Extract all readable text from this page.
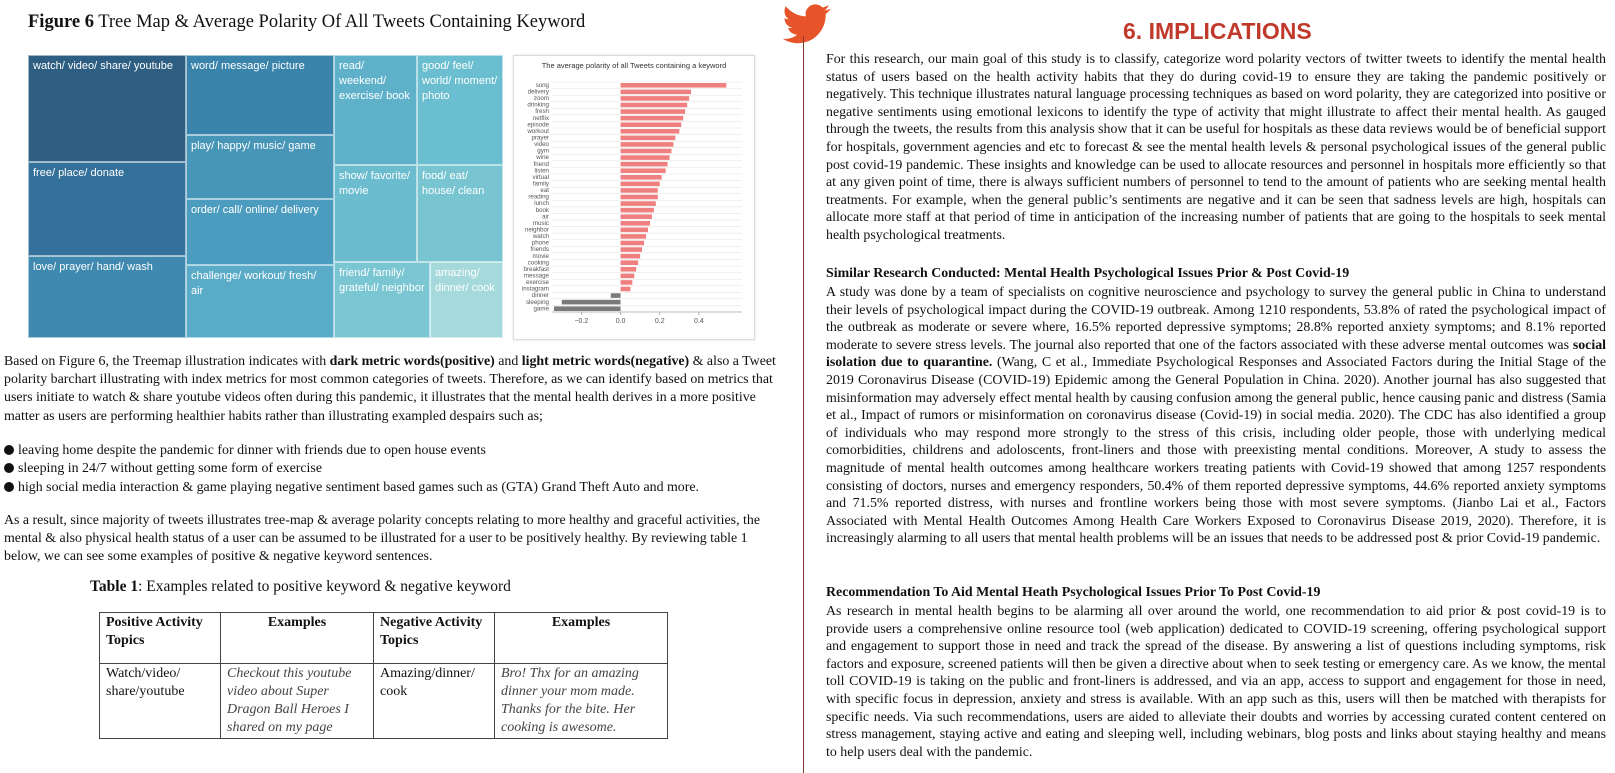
Figure 6 Tree Map & Average Polarity Of All Tweets Containing Keyword
watch/ video/ share/ youtube
free/ place/ donate
love/ prayer/ hand/ wash
word/ message/ picture
play/ happy/ music/ game
order/ call/ online/ delivery
challenge/ workout/ fresh/ air
read/ weekend/ exercise/ book
show/ favorite/ movie
friend/ family/ grateful/ neighbor
good/ feel/ world/ moment/ photo
food/ eat/ house/ clean
amazing/ dinner/ cook
The average polarity of all Tweets containing a keyword
song
delivery
zoom
drinking
fresh
netflix
episode
workout
prayer
video
gym
wine
friend
listen
virtual
family
eat
reading
lunch
book
air
music
neighbor
watch
phone
friends
movie
cooking
breakfast
message
exercise
instagram
dinner
sleeping
game
−0.2	0.0	0.2	0.4
Based on Figure 6, the Treemap illustration indicates with dark metric words(positive) and light metric words(negative) & also a Tweet polarity barchart illustrating with index metrics for most common categories of tweets. Therefore, as we can identify based on metrics that users initiate to watch & share youtube videos often during this pandemic, it illustrates that the mental health derives in a more positive matter as users are performing healthier habits rather than illustrating exampled despairs such as;
leaving home despite the pandemic for dinner with friends due to open house events
sleeping in 24/7 without getting some form of exercise
high social media interaction & game playing negative sentiment based games such as (GTA) Grand Theft Auto and more.
As a result, since majority of tweets illustrates tree-map & average polarity concepts relating to more healthy and graceful activities, the mental & also physical health status of a user can be assumed to be illustrated for a user to be positively healthy. By reviewing table 1 below, we can see some examples of positive & negative keyword sentences.
Table 1: Examples related to positive keyword & negative keyword
Positive Activity Topics	Examples	Negative Activity Topics	Examples
Watch/video/ share/youtube	Checkout this youtube video about Super Dragon Ball Heroes I shared on my page	Amazing/dinner/ cook	Bro! Thx for an amazing dinner your mom made. Thanks for the bite. Her cooking is awesome.
6. IMPLICATIONS
For this research, our main goal of this study is to classify, categorize word polarity vectors of twitter tweets to identify the mental health status of users based on the health activity habits that they do during covid-19 to ensure they are taking the pandemic positively or negatively. This technique illustrates natural language processing techniques as based on word polarity, they are categorized into positive or negative sentiments using emotional lexicons to identify the type of activity that might illustrate to affect their mental health. As gauged through the tweets, the results from this analysis show that it can be useful for hospitals as these data reviews would be of beneficial support for hospitals, government agencies and etc to forecast & see the mental health levels & personal psychological issues of the general public post covid-19 pandemic. These insights and knowledge can be used to allocate resources and personnel in hospitals more efficiently so that at any given point of time, there is always sufficient numbers of personnel to tend to the amount of patients who are seeking mental health treatments. For example, when the general public’s sentiments are negative and it can be seen that sadness levels are high, hospitals can allocate more staff at that period of time in anticipation of the increasing number of patients that are going to the hospitals to seek mental health psychological treatments.
Similar Research Conducted: Mental Health Psychological Issues Prior & Post Covid-19
A study was done by a team of specialists on cognitive neuroscience and psychology to survey the general public in China to understand their levels of psychological impact during the COVID-19 outbreak. Among 1210 respondents, 53.8% of rated the psychological impact of the outbreak as moderate or severe where, 16.5% reported depressive symptoms; 28.8% reported anxiety symptoms; and 8.1% reported moderate to severe stress levels. The journal also reported that one of the factors associated with these adverse mental outcomes was social isolation due to quarantine. (Wang, C et al., Immediate Psychological Responses and Associated Factors during the Initial Stage of the 2019 Coronavirus Disease (COVID-19) Epidemic among the General Population in China. 2020). Another journal has also suggested that misinformation may adversely effect mental health by causing confusion among the general public, hence causing panic and distress (Samia et al., Impact of rumors or misinformation on coronavirus disease (Covid-19) in social media. 2020). The CDC has also identified a group of individuals who may respond more strongly to the stress of this crisis, including older people, those with underlying medical comorbidities, childrens and adoloscents, front-liners and those with preexisting mental conditions. Moreover, A study to assess the magnitude of mental health outcomes among healthcare workers treating patients with Covid-19 showed that among 1257 respondents consisting of doctors, nurses and emergency responders, 50.4% of them reported depressive symptoms, 44.6% reported anxiety symptoms and 71.5% reported distress, with nurses and frontline workers being those with most severe symptoms. (Jianbo Lai et al., Factors Associated with Mental Health Outcomes Among Health Care Workers Exposed to Coronavirus Disease 2019, 2020). Therefore, it is increasingly alarming to all users that mental health problems will be an issues that needs to be addressed post & prior Covid-19 pandemic.
Recommendation To Aid Mental Heath Psychological Issues Prior To Post Covid-19
As research in mental health begins to be alarming all over around the world, one recommendation to aid prior & post covid-19 is to provide users a comprehensive online resource tool (web application) dedicated to COVID-19 screening, offering psychological support and engagement to support those in need and track the spread of the disease. By answering a list of questions including symptoms, risk factors and exposure, screened patients will then be given a directive about when to seek testing or emergency care. As we know, the mental toll COVID-19 is taking on the public and front-liners is addressed, and via an app, access to support and engagement for those in need, with specific focus in depression, anxiety and stress is available. With an app such as this, users will then be matched with therapists for specific needs. Via such recommendations, users are aided to alleviate their doubts and worries by accessing curated content centered on stress management, staying active and eating and sleeping well, including webinars, blog posts and links about staying healthy and means to help users deal with the pandemic.
